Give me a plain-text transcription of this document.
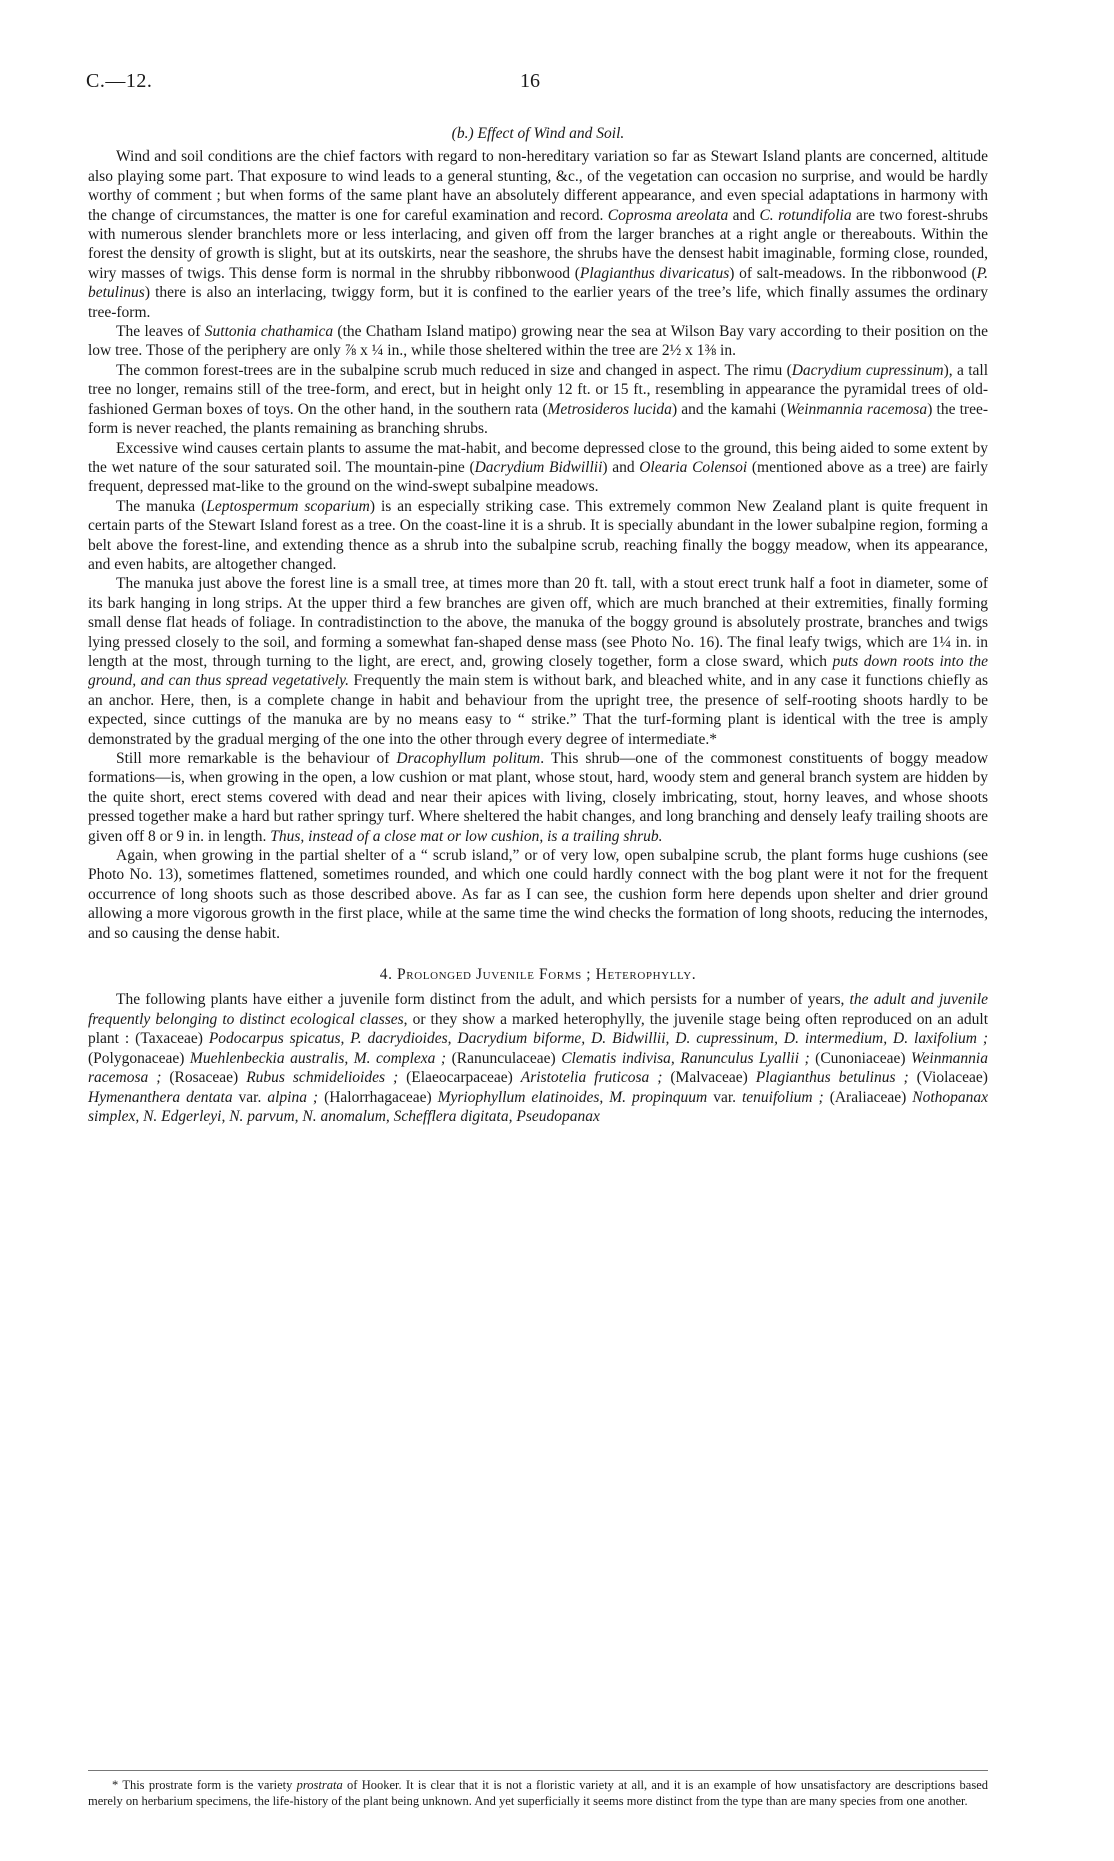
C.—12.	16
(b.) Effect of Wind and Soil.

Wind and soil conditions are the chief factors with regard to non-hereditary variation so far as Stewart Island plants are concerned, altitude also playing some part. That exposure to wind leads to a general stunting, &c., of the vegetation can occasion no surprise, and would be hardly worthy of comment ; but when forms of the same plant have an absolutely different appearance, and even special adaptations in harmony with the change of circumstances, the matter is one for careful examination and record. Coprosma areolata and C. rotundifolia are two forest-shrubs with numerous slender branchlets more or less interlacing, and given off from the larger branches at a right angle or thereabouts. Within the forest the density of growth is slight, but at its outskirts, near the seashore, the shrubs have the densest habit imaginable, forming close, rounded, wiry masses of twigs. This dense form is normal in the shrubby ribbonwood (Plagianthus divaricatus) of salt-meadows. In the ribbonwood (P. betulinus) there is also an interlacing, twiggy form, but it is confined to the earlier years of the tree’s life, which finally assumes the ordinary tree-form.

The leaves of Suttonia chathamica (the Chatham Island matipo) growing near the sea at Wilson Bay vary according to their position on the low tree. Those of the periphery are only ⅞ x ¼ in., while those sheltered within the tree are 2½ x 1⅜ in.

The common forest-trees are in the subalpine scrub much reduced in size and changed in aspect. The rimu (Dacrydium cupressinum), a tall tree no longer, remains still of the tree-form, and erect, but in height only 12 ft. or 15 ft., resembling in appearance the pyramidal trees of old-fashioned German boxes of toys. On the other hand, in the southern rata (Metrosideros lucida) and the kamahi (Weinmannia racemosa) the tree-form is never reached, the plants remaining as branching shrubs.

Excessive wind causes certain plants to assume the mat-habit, and become depressed close to the ground, this being aided to some extent by the wet nature of the sour saturated soil. The mountain-pine (Dacrydium Bidwillii) and Olearia Colensoi (mentioned above as a tree) are fairly frequent, depressed mat-like to the ground on the wind-swept subalpine meadows.

The manuka (Leptospermum scoparium) is an especially striking case. This extremely common New Zealand plant is quite frequent in certain parts of the Stewart Island forest as a tree. On the coast-line it is a shrub. It is specially abundant in the lower subalpine region, forming a belt above the forest-line, and extending thence as a shrub into the subalpine scrub, reaching finally the boggy meadow, when its appearance, and even habits, are altogether changed.

The manuka just above the forest line is a small tree, at times more than 20 ft. tall, with a stout erect trunk half a foot in diameter, some of its bark hanging in long strips. At the upper third a few branches are given off, which are much branched at their extremities, finally forming small dense flat heads of foliage. In contradistinction to the above, the manuka of the boggy ground is absolutely prostrate, branches and twigs lying pressed closely to the soil, and forming a somewhat fan-shaped dense mass (see Photo No. 16). The final leafy twigs, which are 1¼ in. in length at the most, through turning to the light, are erect, and, growing closely together, form a close sward, which puts down roots into the ground, and can thus spread vegetatively. Frequently the main stem is without bark, and bleached white, and in any case it functions chiefly as an anchor. Here, then, is a complete change in habit and behaviour from the upright tree, the presence of self-rooting shoots hardly to be expected, since cuttings of the manuka are by no means easy to “ strike.” That the turf-forming plant is identical with the tree is amply demonstrated by the gradual merging of the one into the other through every degree of intermediate.*

Still more remarkable is the behaviour of Dracophyllum politum. This shrub—one of the commonest constituents of boggy meadow formations—is, when growing in the open, a low cushion or mat plant, whose stout, hard, woody stem and general branch system are hidden by the quite short, erect stems covered with dead and near their apices with living, closely imbricating, stout, horny leaves, and whose shoots pressed together make a hard but rather springy turf. Where sheltered the habit changes, and long branching and densely leafy trailing shoots are given off 8 or 9 in. in length. Thus, instead of a close mat or low cushion, is a trailing shrub.

Again, when growing in the partial shelter of a “ scrub island,” or of very low, open subalpine scrub, the plant forms huge cushions (see Photo No. 13), sometimes flattened, sometimes rounded, and which one could hardly connect with the bog plant were it not for the frequent occurrence of long shoots such as those described above. As far as I can see, the cushion form here depends upon shelter and drier ground allowing a more vigorous growth in the first place, while at the same time the wind checks the formation of long shoots, reducing the internodes, and so causing the dense habit.

4. Prolonged Juvenile Forms ; Heterophylly.

The following plants have either a juvenile form distinct from the adult, and which persists for a number of years, the adult and juvenile frequently belonging to distinct ecological classes, or they show a marked heterophylly, the juvenile stage being often reproduced on an adult plant : (Taxaceae) Podocarpus spicatus, P. dacrydioides, Dacrydium biforme, D. Bidwillii, D. cupressinum, D. intermedium, D. laxifolium ; (Polygonaceae) Muehlenbeckia australis, M. complexa ; (Ranunculaceae) Clematis indivisa, Ranunculus Lyallii ; (Cunoniaceae) Weinmannia racemosa ; (Rosaceae) Rubus schmidelioides ; (Elaeocarpaceae) Aristotelia fruticosa ; (Malvaceae) Plagianthus betulinus ; (Violaceae) Hymenanthera dentata var. alpina ; (Halorrhagaceae) Myriophyllum elatinoides, M. propinquum var. tenuifolium ; (Araliaceae) Nothopanax simplex, N. Edgerleyi, N. parvum, N. anomalum, Schefflera digitata, Pseudopanax

* This prostrate form is the variety prostrata of Hooker. It is clear that it is not a floristic variety at all, and it is an example of how unsatisfactory are descriptions based merely on herbarium specimens, the life-history of the plant being unknown. And yet superficially it seems more distinct from the type than are many species from one another.
